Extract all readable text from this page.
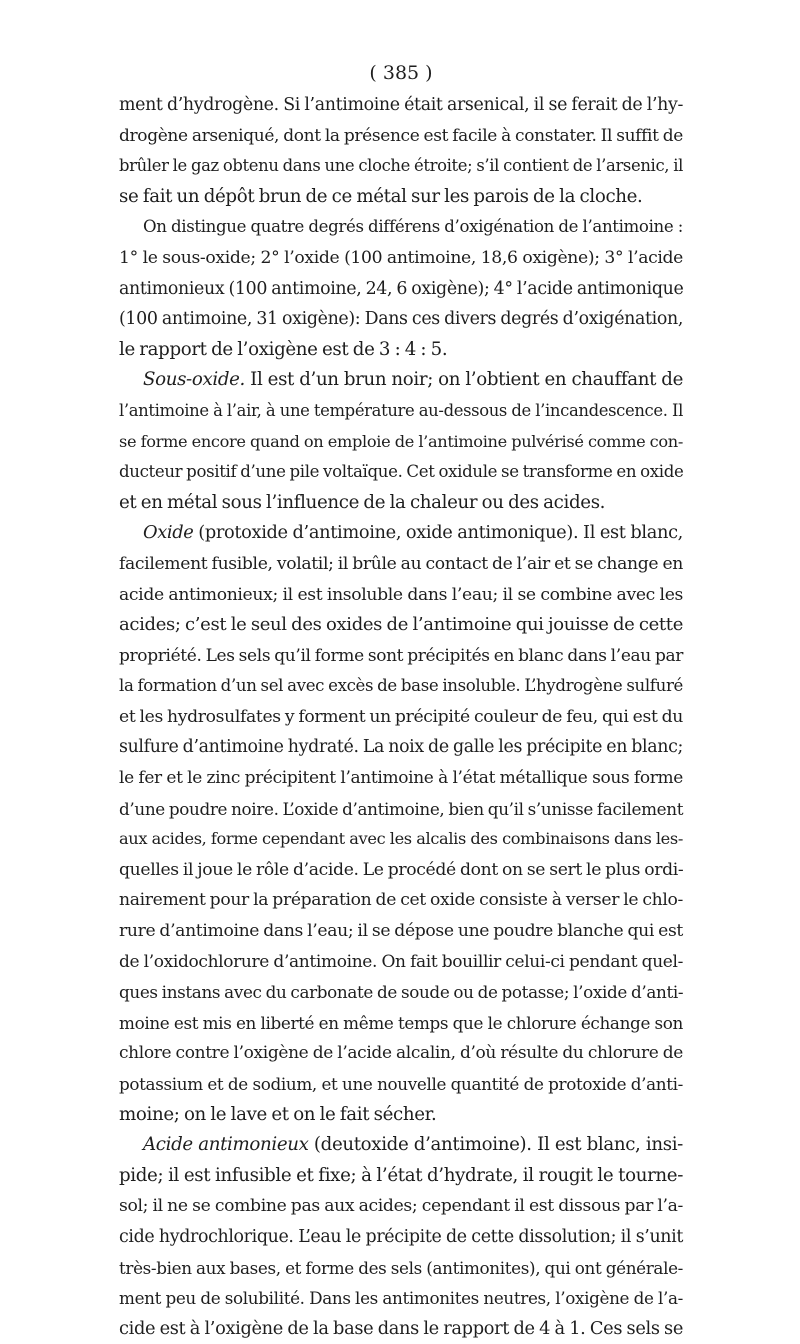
( 385 )
ment d’hydrogène. Si l’antimoine était arsenical, il se ferait de l’hy-
drogène arseniqué, dont la présence est facile à constater. Il suffit de
brûler le gaz obtenu dans une cloche étroite; s’il contient de l’arsenic, il
se fait un dépôt brun de ce métal sur les parois de la cloche.
On distingue quatre degrés différens d’oxigénation de l’antimoine :
1° le sous-oxide; 2° l’oxide (100 antimoine, 18,6 oxigène); 3° l’acide
antimonieux (100 antimoine, 24, 6 oxigène); 4° l’acide antimonique
(100 antimoine, 31 oxigène): Dans ces divers degrés d’oxigénation,
le rapport de l’oxigène est de 3 : 4 : 5.
Sous-oxide. Il est d’un brun noir; on l’obtient en chauffant de
l’antimoine à l’air, à une température au-dessous de l’incandescence. Il
se forme encore quand on emploie de l’antimoine pulvérisé comme con-
ducteur positif d’une pile voltaïque. Cet oxidule se transforme en oxide
et en métal sous l’influence de la chaleur ou des acides.
Oxide (protoxide d’antimoine, oxide antimonique). Il est blanc,
facilement fusible, volatil; il brûle au contact de l’air et se change en
acide antimonieux; il est insoluble dans l’eau; il se combine avec les
acides; c’est le seul des oxides de l’antimoine qui jouisse de cette
propriété. Les sels qu’il forme sont précipités en blanc dans l’eau par
la formation d’un sel avec excès de base insoluble. L’hydrogène sulfuré
et les hydrosulfates y forment un précipité couleur de feu, qui est du
sulfure d’antimoine hydraté. La noix de galle les précipite en blanc;
le fer et le zinc précipitent l’antimoine à l’état métallique sous forme
d’une poudre noire. L’oxide d’antimoine, bien qu’il s’unisse facilement
aux acides, forme cependant avec les alcalis des combinaisons dans les-
quelles il joue le rôle d’acide. Le procédé dont on se sert le plus ordi-
nairement pour la préparation de cet oxide consiste à verser le chlo-
rure d’antimoine dans l’eau; il se dépose une poudre blanche qui est
de l’oxidochlorure d’antimoine. On fait bouillir celui-ci pendant quel-
ques instans avec du carbonate de soude ou de potasse; l’oxide d’anti-
moine est mis en liberté en même temps que le chlorure échange son
chlore contre l’oxigène de l’acide alcalin, d’où résulte du chlorure de
potassium et de sodium, et une nouvelle quantité de protoxide d’anti-
moine; on le lave et on le fait sécher.
Acide antimonieux (deutoxide d’antimoine). Il est blanc, insi-
pide; il est infusible et fixe; à l’état d’hydrate, il rougit le tourne-
sol; il ne se combine pas aux acides; cependant il est dissous par l’a-
cide hydrochlorique. L’eau le précipite de cette dissolution; il s’unit
très-bien aux bases, et forme des sels (antimonites), qui ont générale-
ment peu de solubilité. Dans les antimonites neutres, l’oxigène de l’a-
cide est à l’oxigène de la base dans le rapport de 4 à 1. Ces sels se
